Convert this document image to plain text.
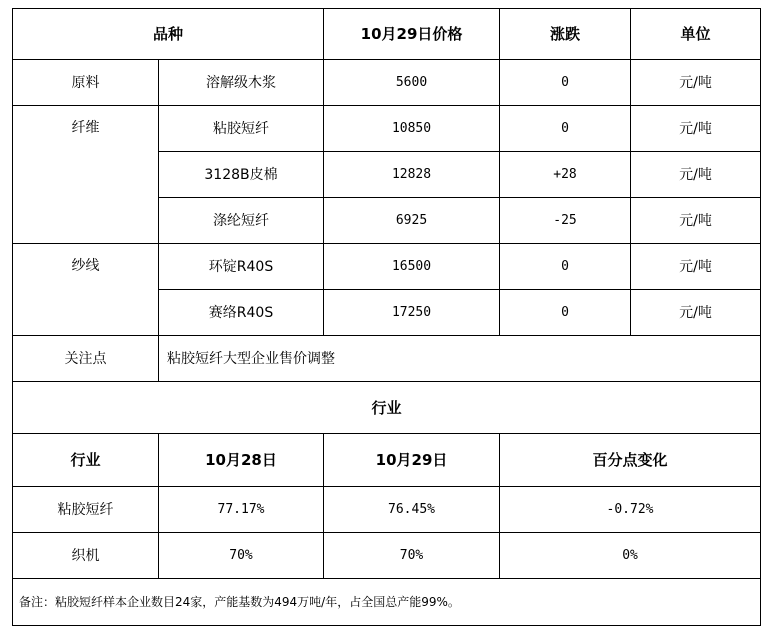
品种		10月29日价格	涨跌	单位
原料	溶解级木浆	5600	0	元/吨
纤维	粘胶短纤	10850	0	元/吨
	3128B皮棉	12828	+28	元/吨
	涤纶短纤	6925	-25	元/吨
纱线	环锭R40S	16500	0	元/吨
	赛络R40S	17250	0	元/吨
关注点	粘胶短纤大型企业售价调整			
行业				
行业	10月28日	10月29日	百分点变化	
粘胶短纤	77.17%	76.45%	-0.72%	
织机	70%	70%	0%	
备注：粘胶短纤样本企业数目24家，产能基数为494万吨/年，占全国总产能99%。				
